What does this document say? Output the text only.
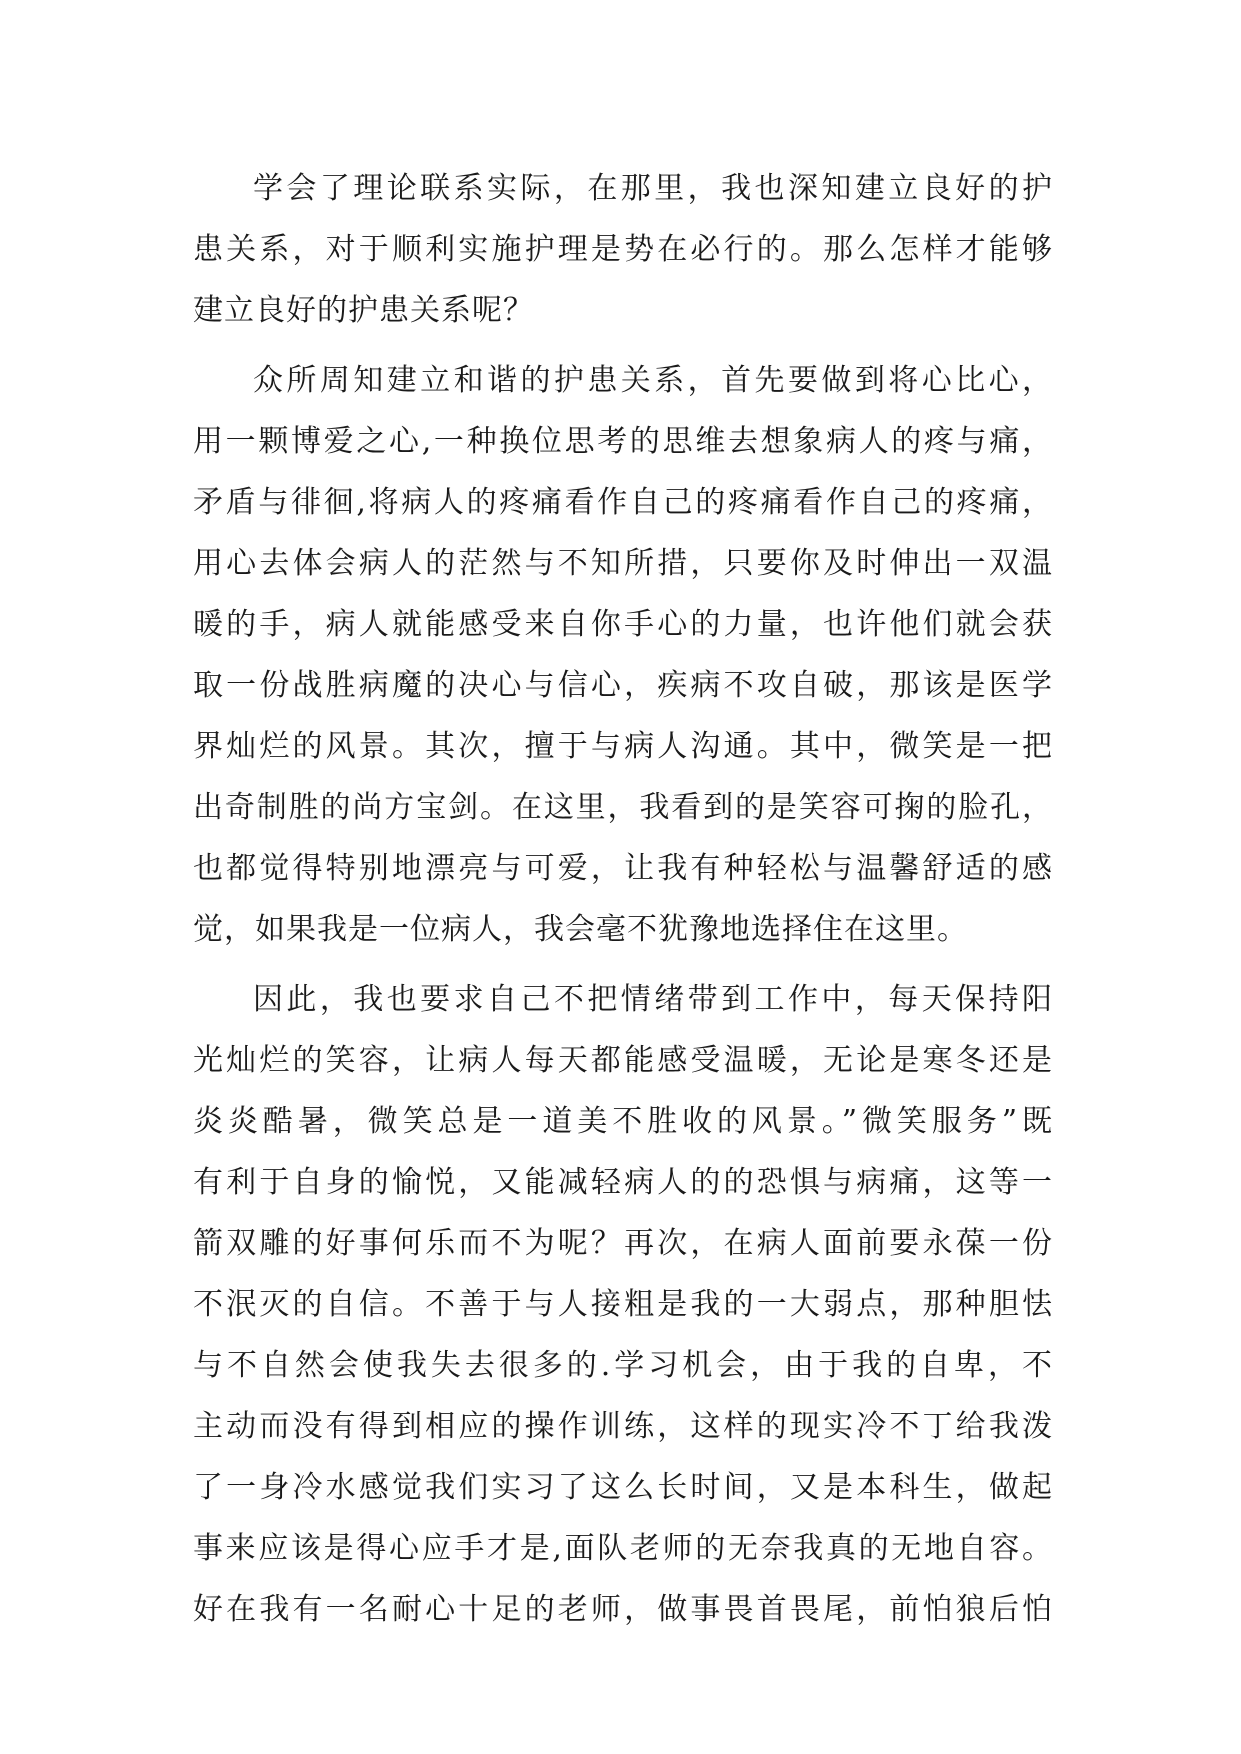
学会了理论联系实际，在那里，我也深知建立良好的护
患关系，对于顺利实施护理是势在必行的。那么怎样才能够
建立良好的护患关系呢？
众所周知建立和谐的护患关系，首先要做到将心比心，
用一颗博爱之心,一种换位思考的思维去想象病人的疼与痛，
矛盾与徘徊,将病人的疼痛看作自己的疼痛看作自己的疼痛，
用心去体会病人的茫然与不知所措，只要你及时伸出一双温
暖的手，病人就能感受来自你手心的力量，也许他们就会获
取一份战胜病魔的决心与信心，疾病不攻自破，那该是医学
界灿烂的风景。其次，擅于与病人沟通。其中，微笑是一把
出奇制胜的尚方宝剑。在这里，我看到的是笑容可掬的脸孔，
也都觉得特别地漂亮与可爱，让我有种轻松与温馨舒适的感
觉，如果我是一位病人，我会毫不犹豫地选择住在这里。
因此，我也要求自己不把情绪带到工作中，每天保持阳
光灿烂的笑容，让病人每天都能感受温暖，无论是寒冬还是
炎炎酷暑，微笑总是一道美不胜收的风景。”微笑服务”既
有利于自身的愉悦，又能减轻病人的的恐惧与病痛，这等一
箭双雕的好事何乐而不为呢？再次，在病人面前要永葆一份
不泯灭的自信。不善于与人接粗是我的一大弱点，那种胆怯
与不自然会使我失去很多的.学习机会，由于我的自卑，不
主动而没有得到相应的操作训练，这样的现实冷不丁给我泼
了一身冷水感觉我们实习了这么长时间，又是本科生，做起
事来应该是得心应手才是,面队老师的无奈我真的无地自容。
好在我有一名耐心十足的老师，做事畏首畏尾，前怕狼后怕
